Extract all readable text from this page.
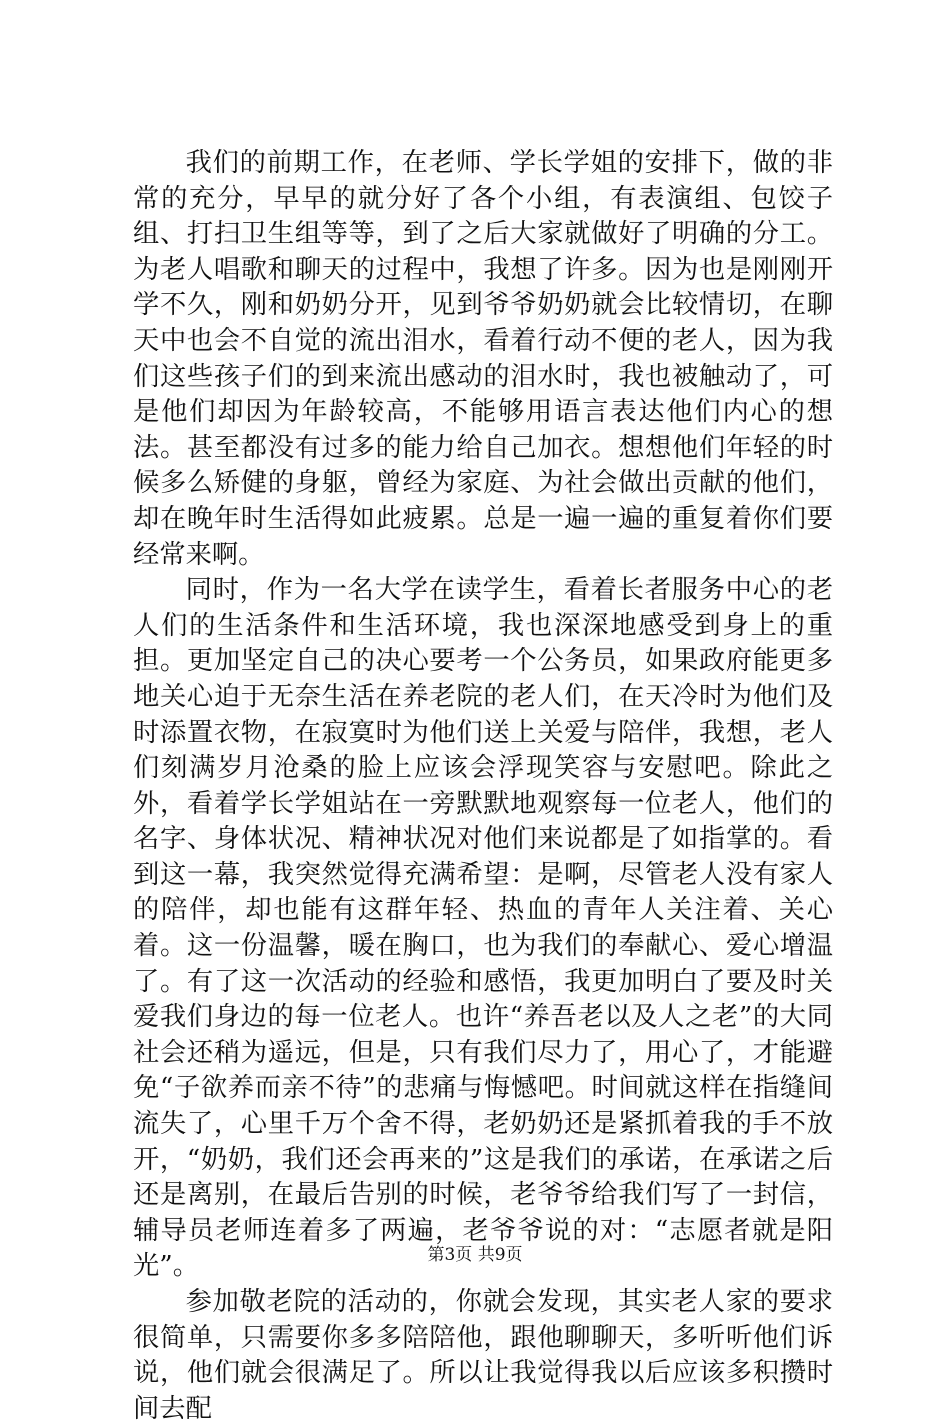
我们的前期工作，在老师、学长学姐的安排下，做的非常的充分，早早的就分好了各个小组，有表演组、包饺子组、打扫卫生组等等，到了之后大家就做好了明确的分工。为老人唱歌和聊天的过程中，我想了许多。因为也是刚刚开学不久，刚和奶奶分开，见到爷爷奶奶就会比较情切，在聊天中也会不自觉的流出泪水，看着行动不便的老人，因为我们这些孩子们的到来流出感动的泪水时，我也被触动了，可是他们却因为年龄较高，不能够用语言表达他们内心的想法。甚至都没有过多的能力给自己加衣。想想他们年轻的时候多么矫健的身躯，曾经为家庭、为社会做出贡献的他们，却在晚年时生活得如此疲累。总是一遍一遍的重复着你们要经常来啊。

同时，作为一名大学在读学生，看着长者服务中心的老人们的生活条件和生活环境，我也深深地感受到身上的重担。更加坚定自己的决心要考一个公务员，如果政府能更多地关心迫于无奈生活在养老院的老人们，在天冷时为他们及时添置衣物，在寂寞时为他们送上关爱与陪伴，我想，老人们刻满岁月沧桑的脸上应该会浮现笑容与安慰吧。除此之外，看着学长学姐站在一旁默默地观察每一位老人，他们的名字、身体状况、精神状况对他们来说都是了如指掌的。看到这一幕，我突然觉得充满希望：是啊，尽管老人没有家人的陪伴，却也能有这群年轻、热血的青年人关注着、关心着。这一份温馨，暖在胸口，也为我们的奉献心、爱心增温了。有了这一次活动的经验和感悟，我更加明白了要及时关爱我们身边的每一位老人。也许“养吾老以及人之老”的大同社会还稍为遥远，但是，只有我们尽力了，用心了，才能避免“子欲养而亲不待”的悲痛与悔憾吧。时间就这样在指缝间流失了，心里千万个舍不得，老奶奶还是紧抓着我的手不放开，“奶奶，我们还会再来的”这是我们的承诺，在承诺之后还是离别，在最后告别的时候，老爷爷给我们写了一封信，辅导员老师连着多了两遍，老爷爷说的对：“志愿者就是阳光”。

参加敬老院的活动的，你就会发现，其实老人家的要求很简单，只需要你多多陪陪他，跟他聊聊天，多听听他们诉说，他们就会很满足了。所以让我觉得我以后应该多积攒时间去配

第3页 共9页
